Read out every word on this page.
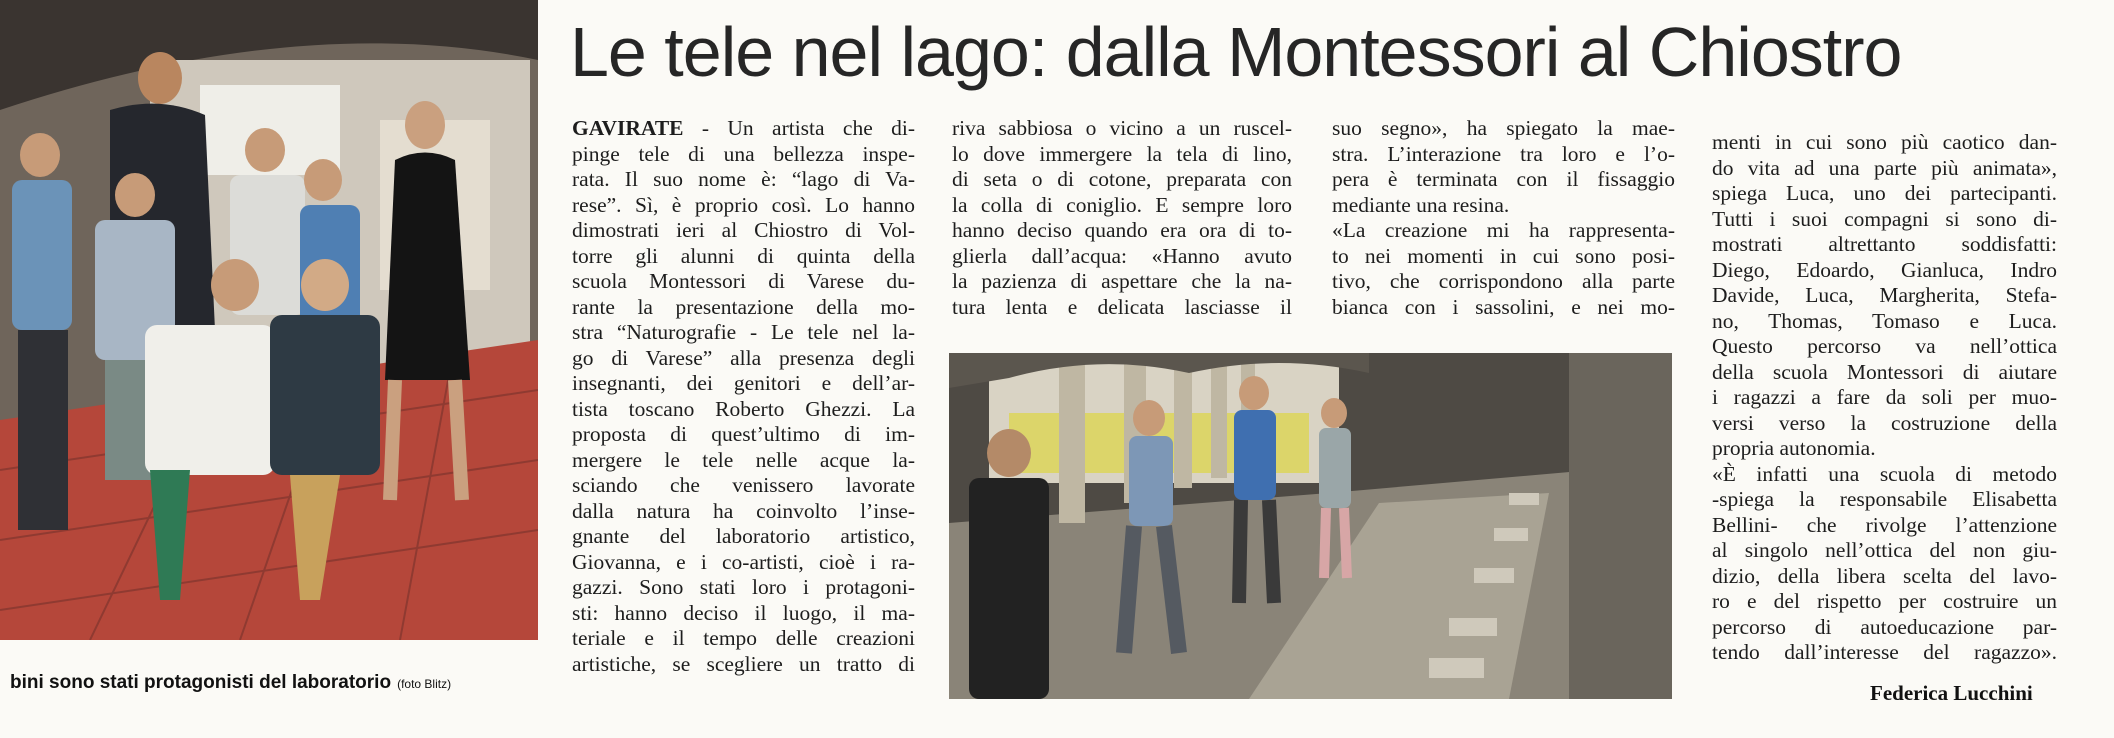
bini sono stati protagonisti del laboratorio (foto Blitz)
Le tele nel lago: dalla Montessori al Chiostro
GAVIRATE - Un artista che di-
pinge tele di una bellezza inspe-
rata. Il suo nome è: “lago di Va-
rese”. Sì, è proprio così. Lo hanno
dimostrati ieri al Chiostro di Vol-
torre gli alunni di quinta della
scuola Montessori di Varese du-
rante la presentazione della mo-
stra “Naturografie - Le tele nel la-
go di Varese” alla presenza degli
insegnanti, dei genitori e dell’ar-
tista toscano Roberto Ghezzi. La
proposta di quest’ultimo di im-
mergere le tele nelle acque la-
sciando che venissero lavorate
dalla natura ha coinvolto l’inse-
gnante del laboratorio artistico,
Giovanna, e i co-artisti, cioè i ra-
gazzi. Sono stati loro i protagoni-
sti: hanno deciso il luogo, il ma-
teriale e il tempo delle creazioni
artistiche, se scegliere un tratto di
riva sabbiosa o vicino a un ruscel-
lo dove immergere la tela di lino,
di seta o di cotone, preparata con
la colla di coniglio. E sempre loro
hanno deciso quando era ora di to-
glierla dall’acqua: «Hanno avuto
la pazienza di aspettare che la na-
tura lenta e delicata lasciasse il
suo segno», ha spiegato la mae-
stra. L’interazione tra loro e l’o-
pera è terminata con il fissaggio
mediante una resina.
«La creazione mi ha rappresenta-
to nei momenti in cui sono posi-
tivo, che corrispondono alla parte
bianca con i sassolini, e nei mo-
menti in cui sono più caotico dan-
do vita ad una parte più animata»,
spiega Luca, uno dei partecipanti.
Tutti i suoi compagni si sono di-
mostrati altrettanto soddisfatti:
Diego, Edoardo, Gianluca, Indro
Davide, Luca, Margherita, Stefa-
no, Thomas, Tomaso e Luca.
Questo percorso va nell’ottica
della scuola Montessori di aiutare
i ragazzi a fare da soli per muo-
versi verso la costruzione della
propria autonomia.
«È infatti una scuola di metodo
-spiega la responsabile Elisabetta
Bellini- che rivolge l’attenzione
al singolo nell’ottica del non giu-
dizio, della libera scelta del lavo-
ro e del rispetto per costruire un
percorso di autoeducazione par-
tendo dall’interesse del ragazzo».
Federica Lucchini
